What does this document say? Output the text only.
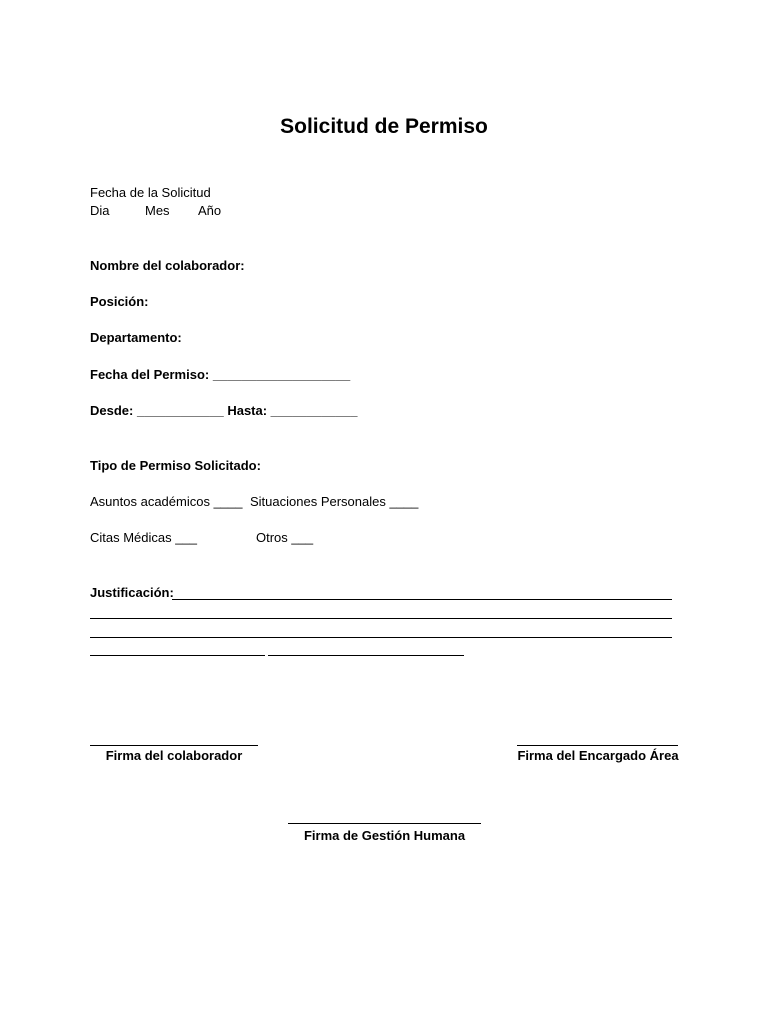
Solicitud de Permiso
Fecha de la Solicitud
Dia	Mes Año
Nombre del colaborador:
Posición:
Departamento:
Fecha del Permiso: ___________________
Desde: ____________ Hasta: ____________
Tipo de Permiso Solicitado:
Asuntos académicos ____ Situaciones Personales ____
Citas Médicas ___	Otros ___
Justificación:
Firma del colaborador	Firma del Encargado Área
Firma de Gestión Humana
